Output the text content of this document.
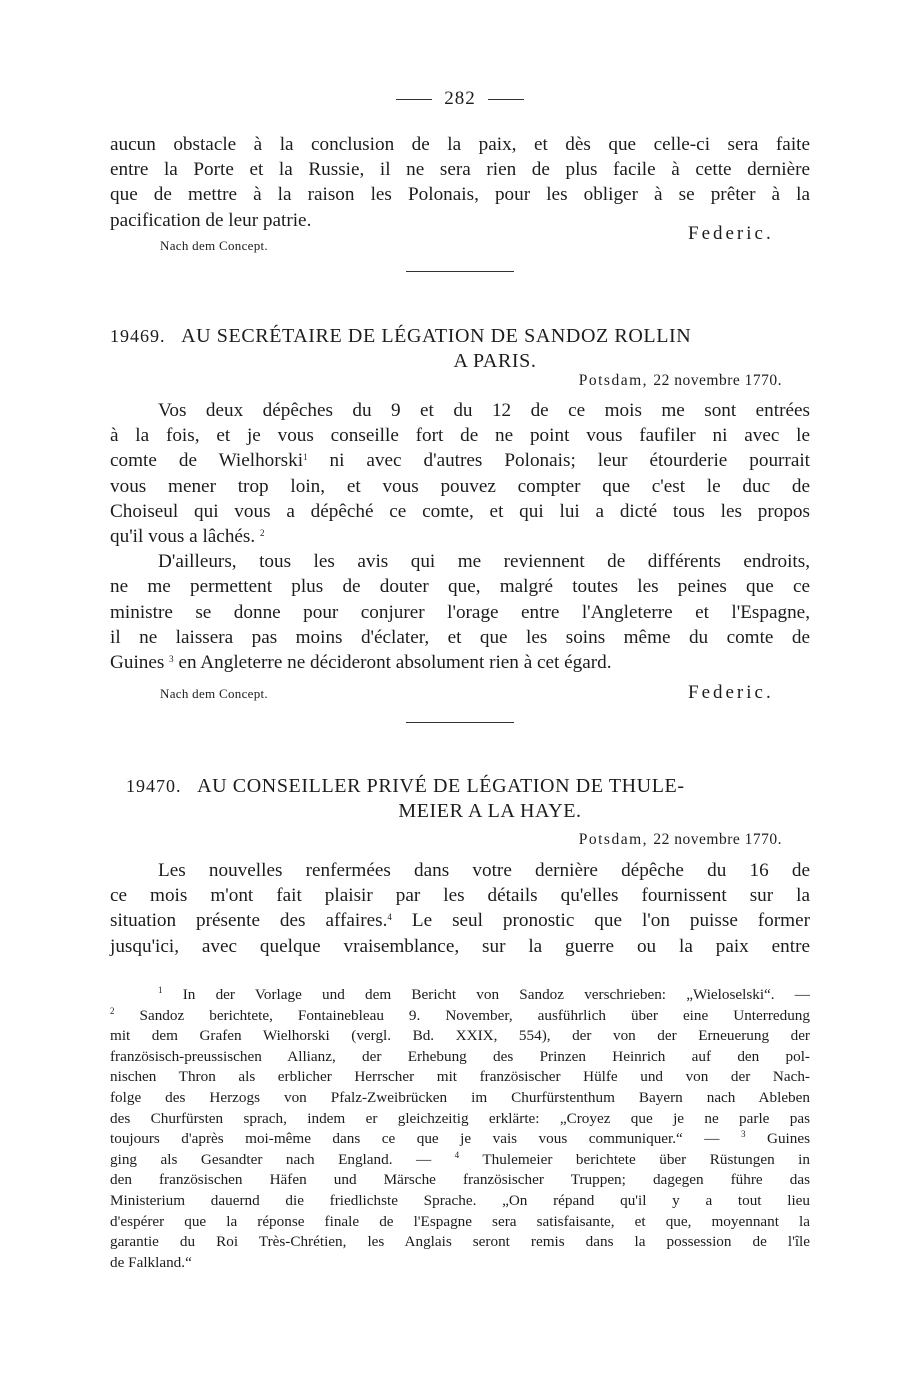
282
aucun obstacle à la conclusion de la paix, et dès que celle-ci sera faite
entre la Porte et la Russie, il ne sera rien de plus facile à cette dernière
que de mettre à la raison les Polonais, pour les obliger à se prêter à la
pacification de leur patrie.
Nach dem Concept.
Federic.
19469. AU SECRÉTAIRE DE LÉGATION DE SANDOZ ROLLIN
A PARIS.
Potsdam, 22 novembre 1770.
Vos deux dépêches du 9 et du 12 de ce mois me sont entrées
à la fois, et je vous conseille fort de ne point vous faufiler ni avec le
comte de Wielhorski$^1$ ni avec d'autres Polonais; leur étourderie pourrait
vous mener trop loin, et vous pouvez compter que c'est le duc de
Choiseul qui vous a dépêché ce comte, et qui lui a dicté tous les propos
qu'il vous a lâchés. $^2$
D'ailleurs, tous les avis qui me reviennent de différents endroits,
ne me permettent plus de douter que, malgré toutes les peines que ce
ministre se donne pour conjurer l'orage entre l'Angleterre et l'Espagne,
il ne laissera pas moins d'éclater, et que les soins même du comte de
Guines $^3$ en Angleterre ne décideront absolument rien à cet égard.
Nach dem Concept.	Federic.
19470. AU CONSEILLER PRIVÉ DE LÉGATION DE THULE-
MEIER A LA HAYE.
Potsdam, 22 novembre 1770.
Les nouvelles renfermées dans votre dernière dépêche du 16 de
ce mois m'ont fait plaisir par les détails qu'elles fournissent sur la
situation présente des affaires.$^4$ Le seul pronostic que l'on puisse former
jusqu'ici, avec quelque vraisemblance, sur la guerre ou la paix entre
$^1$ In der Vorlage und dem Bericht von Sandoz verschrieben: „Wieloselski“. —
$^2$ Sandoz berichtete, Fontainebleau 9. November, ausführlich über eine Unterredung
mit dem Grafen Wielhorski (vergl. Bd. XXIX, 554), der von der Erneuerung der
französisch-preussischen Allianz, der Erhebung des Prinzen Heinrich auf den pol-
nischen Thron als erblicher Herrscher mit französischer Hülfe und von der Nach-
folge des Herzogs von Pfalz-Zweibrücken im Churfürstenthum Bayern nach Ableben
des Churfürsten sprach, indem er gleichzeitig erklärte: „Croyez que je ne parle pas
toujours d'après moi-même dans ce que je vais vous communiquer.“ — $^3$ Guines
ging als Gesandter nach England. — $^4$ Thulemeier berichtete über Rüstungen in
den französischen Häfen und Märsche französischer Truppen; dagegen führe das
Ministerium dauernd die friedlichste Sprache. „On répand qu'il y a tout lieu
d'espérer que la réponse finale de l'Espagne sera satisfaisante, et que, moyennant la
garantie du Roi Très-Chrétien, les Anglais seront remis dans la possession de l'île
de Falkland.“
